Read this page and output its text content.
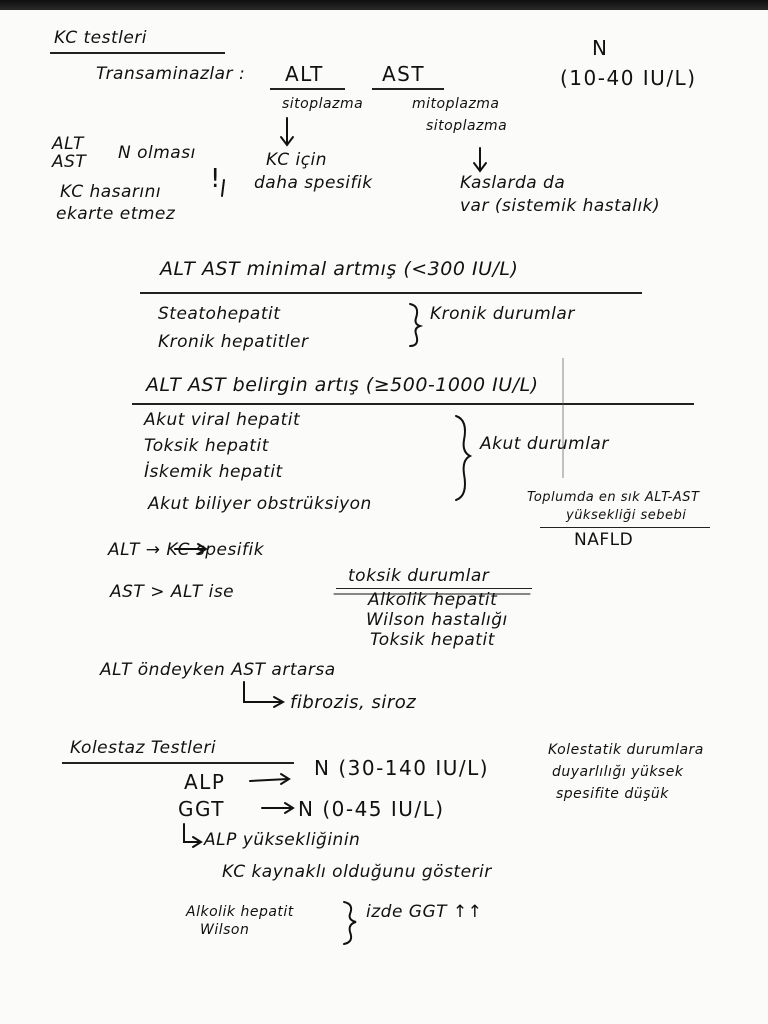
KC testleri
Transaminazlar : ALT	AST
N
(10-40 IU/L)
sitoplazma	mitoplazma
sitoplazma
KC için
daha spesifik	Kaslarda da
var (sistemik hastalık)
ALT
AST N olması
KC hasarını
ekarte etmez
!
ALT AST minimal artmış (<300 IU/L)
Steatohepatit
Kronik hepatitler
Kronik durumlar
ALT AST belirgin artış (≥500-1000 IU/L)
Akut viral hepatit
Toksik hepatit
İskemik hepatit
Akut biliyer obstrüksiyon
Akut durumlar
Toplumda en sık ALT-AST
yüksekliği sebebi
NAFLD
ALT → KC spesifik
AST > ALT ise
toksik durumlar
Alkolik hepatit
Wilson hastalığı
Toksik hepatit
ALT öndeyken AST artarsa
fibrozis, siroz
Kolestaz Testleri
ALP
N (30-140 IU/L)
GGT	N (0-45 IU/L)
ALP yüksekliğinin
KC kaynaklı olduğunu gösterir
Kolestatik durumlara
duyarlılığı yüksek
spesifite düşük
Alkolik hepatit
Wilson
izde GGT ↑↑
